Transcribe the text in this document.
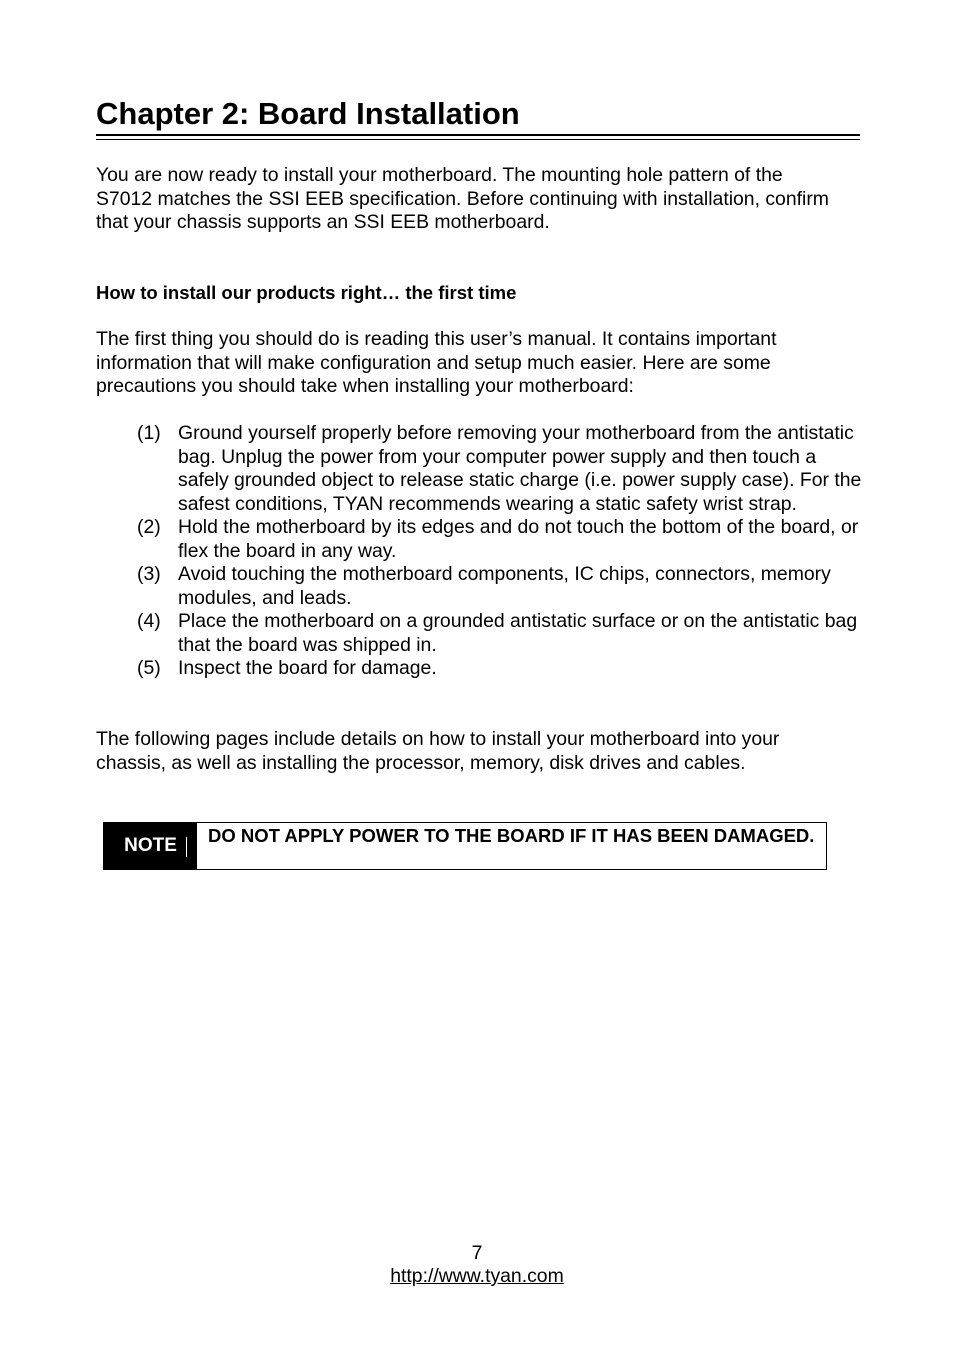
Chapter 2: Board Installation

You are now ready to install your motherboard. The mounting hole pattern of the S7012 matches the SSI EEB specification. Before continuing with installation, confirm that your chassis supports an SSI EEB motherboard.

How to install our products right… the first time

The first thing you should do is reading this user’s manual. It contains important information that will make configuration and setup much easier. Here are some precautions you should take when installing your motherboard:

(1) Ground yourself properly before removing your motherboard from the antistatic bag. Unplug the power from your computer power supply and then touch a safely grounded object to release static charge (i.e. power supply case). For the safest conditions, TYAN recommends wearing a static safety wrist strap.
(2) Hold the motherboard by its edges and do not touch the bottom of the board, or flex the board in any way.
(3) Avoid touching the motherboard components, IC chips, connectors, memory modules, and leads.
(4) Place the motherboard on a grounded antistatic surface or on the antistatic bag that the board was shipped in.
(5) Inspect the board for damage.

The following pages include details on how to install your motherboard into your chassis, as well as installing the processor, memory, disk drives and cables.

NOTE	DO NOT APPLY POWER TO THE BOARD IF IT HAS BEEN DAMAGED.
7
http://www.tyan.com
